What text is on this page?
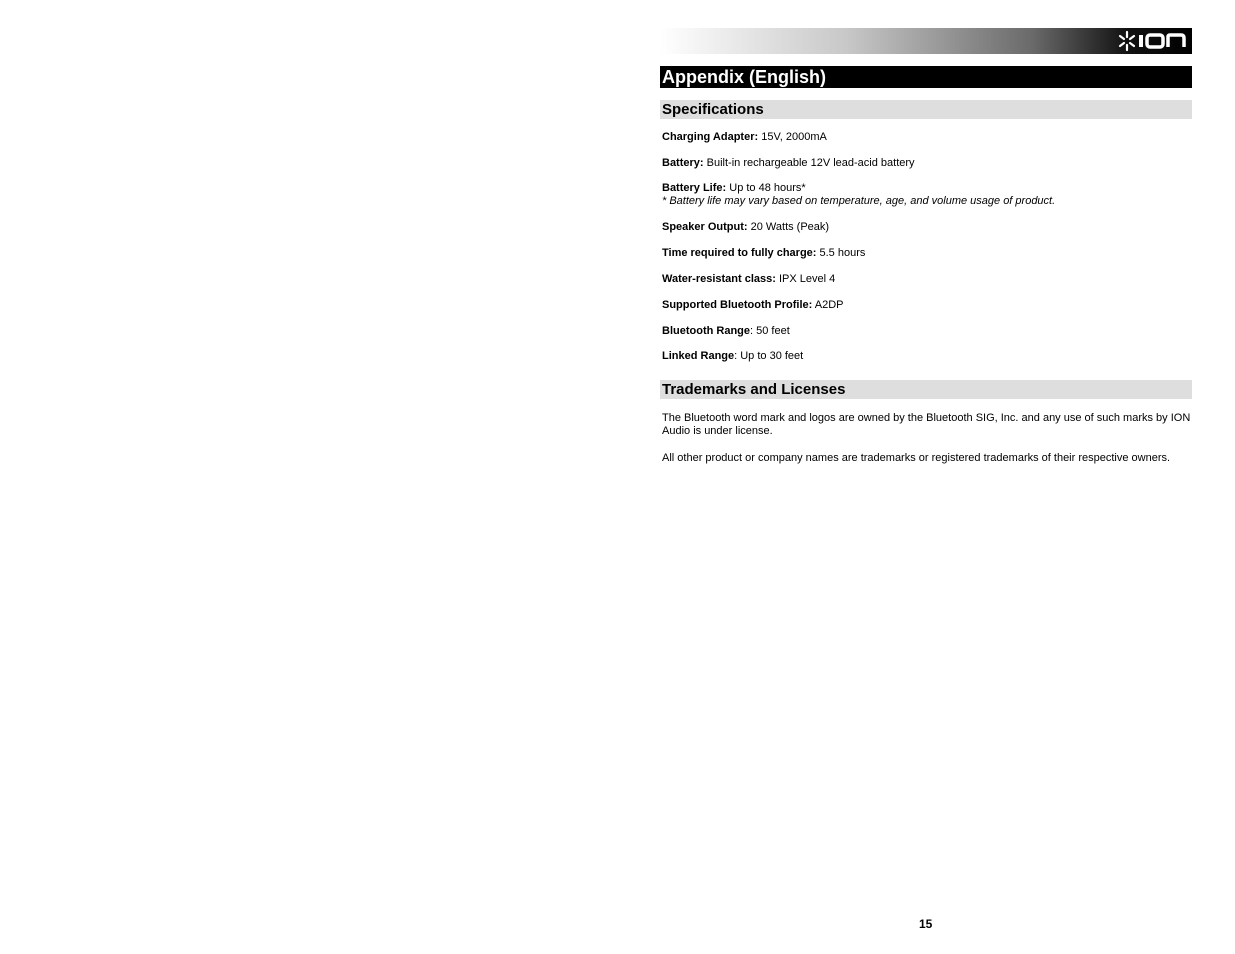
ION
Appendix (English)
Specifications
Charging Adapter: 15V, 2000mA
Battery: Built-in rechargeable 12V lead-acid battery
Battery Life: Up to 48 hours*
* Battery life may vary based on temperature, age, and volume usage of product.
Speaker Output: 20 Watts (Peak)
Time required to fully charge: 5.5 hours
Water-resistant class: IPX Level 4
Supported Bluetooth Profile: A2DP
Bluetooth Range: 50 feet
Linked Range: Up to 30 feet
Trademarks and Licenses
The Bluetooth word mark and logos are owned by the Bluetooth SIG, Inc. and any use of such marks by ION Audio is under license.
All other product or company names are trademarks or registered trademarks of their respective owners.
15
